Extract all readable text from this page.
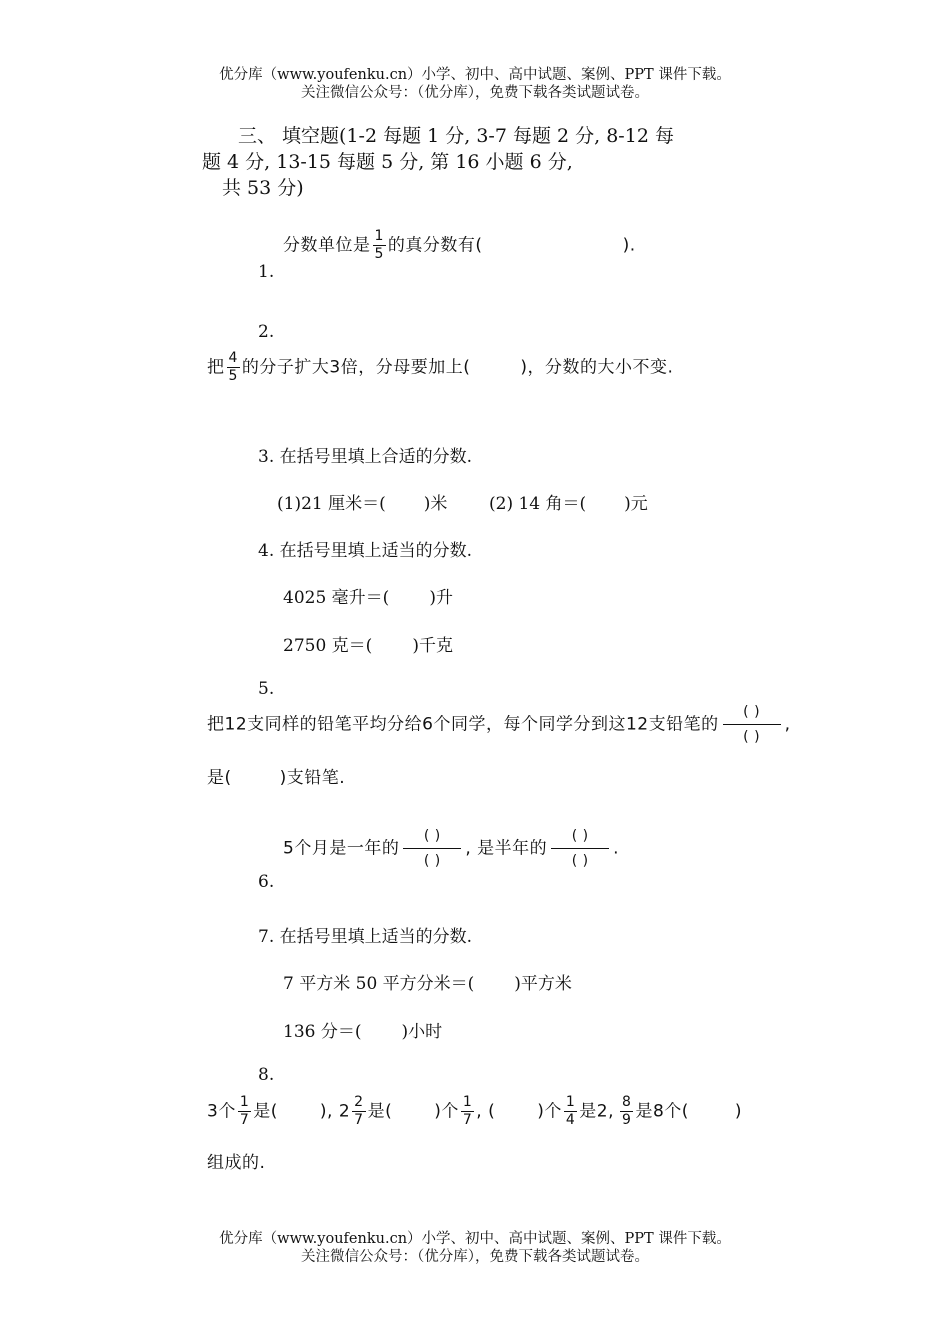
优分库（www.youfenku.cn）小学、初中、高中试题、案例、PPT 课件下载。
关注微信公众号：（优分库），免费下载各类试题试卷。
三、 填空题(1-2 每题 1 分, 3-7 每题 2 分, 8-12 每
题 4 分, 13-15 每题 5 分, 第 16 小题 6 分,
共 53 分)
分数单位是 $\frac{1}{5}$ 的真分数有(	).
1.
2.
把 $\frac{4}{5}$ 的分子扩大3倍，分母要加上(	)，分数的大小不变.
3. 在括号里填上合适的分数.
(1)21 厘米＝( )米 (2) 14 角＝( )元
4. 在括号里填上适当的分数.
4025 毫升＝( )升
2750 克＝( )千克
5.
把12支同样的铅笔平均分给6个同学，每个同学分到这12支铅笔的
( )
( )
,
是(	)支铅笔.
5个月是一年的
( )
( )
, 是半年的
( )
( )
.
6.
7. 在括号里填上适当的分数.
7 平方米 50 平方分米＝( )平方米
136 分＝( )小时
8.
3个 $\frac{1}{7}$ 是( ), $2 \frac{2}{7}$ 是( )个 $\frac{1}{7}$ , ( )个 $\frac{1}{4}$ 是2, $\frac{8}{9}$ 是8个(	)
组成的.
优分库（www.youfenku.cn）小学、初中、高中试题、案例、PPT 课件下载。
关注微信公众号：（优分库），免费下载各类试题试卷。
